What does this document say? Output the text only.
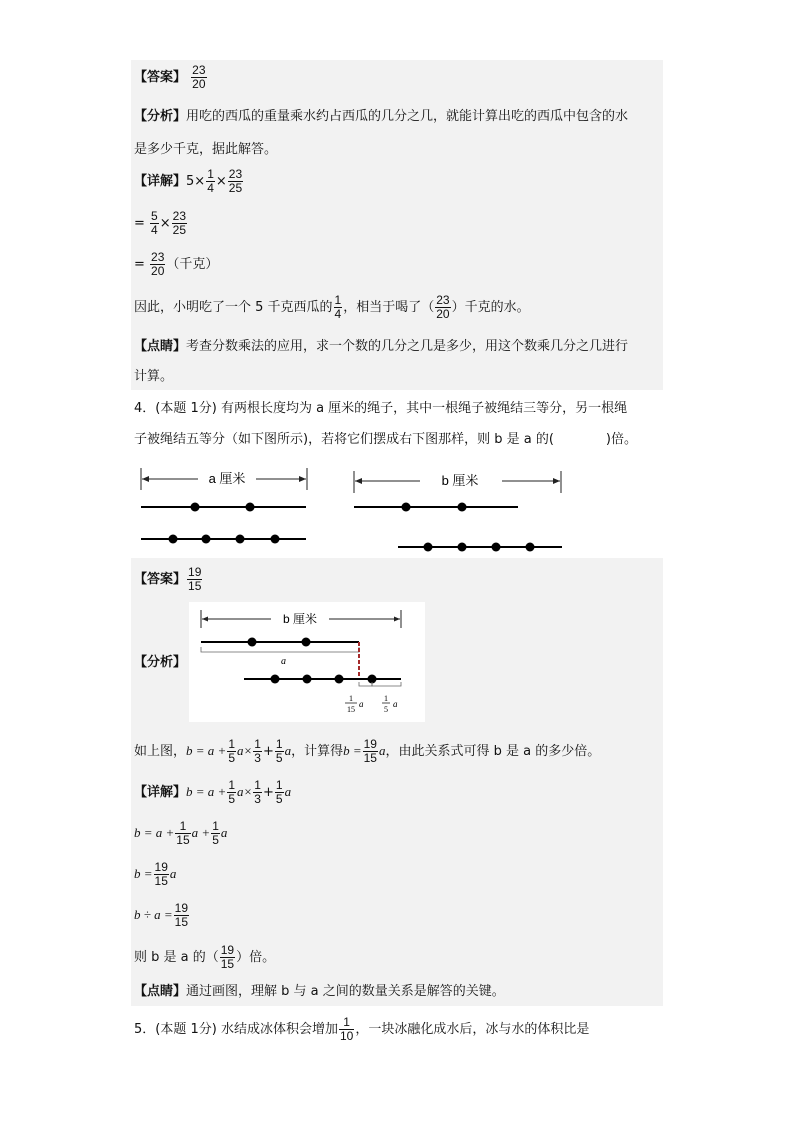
【答案】 $\frac{23}{20}$
【分析】用吃的西瓜的重量乘水约占西瓜的几分之几，就能计算出吃的西瓜中包含的水
是多少千克，据此解答。
【详解】$5\times \frac{1}{4} \times \frac{23}{25}$
= $\frac{5}{4} \times \frac{23}{25}$
= $\frac{23}{20}$ （千克）
因此，小明吃了一个 5 千克西瓜的 $\frac{1}{4}$ ，相当于喝了（ $\frac{23}{20}$ ）千克的水。
【点睛】考查分数乘法的应用，求一个数的几分之几是多少，用这个数乘几分之几进行
计算。
4．(本题 1分) 有两根长度均为 a 厘米的绳子，其中一根绳子被绳结三等分，另一根绳
子被绳结五等分（如下图所示)，若将它们摆成右下图那样，则 b 是 a 的(	)倍。
a 厘米	b 厘米
【答案】 $\frac{19}{15}$
【分析】
b 厘米
a
1
15
a
1
5
a
如上图，$b = a + \frac{1}{5} a\times \frac{1}{3} + \frac{1}{5}$ a，计算得$b = \frac{19}{15}$ a，由此关系式可得 b 是 a 的多少倍。
【详解】$b = a + \frac{1}{5} a\times \frac{1}{3} + \frac{1}{5}$ a
$b = a + \frac{1}{15}$ $a + \frac{1}{5}$ a
$b = \frac{19}{15}$ a
$b \div a = \frac{19}{15}$
则 b 是 a 的（ $\frac{19}{15}$ ）倍。
【点睛】通过画图，理解 b 与 a 之间的数量关系是解答的关键。
5．(本题 1分) 水结成冰体积会增加 $\frac{1}{10}$ ，一块冰融化成水后，冰与水的体积比是
